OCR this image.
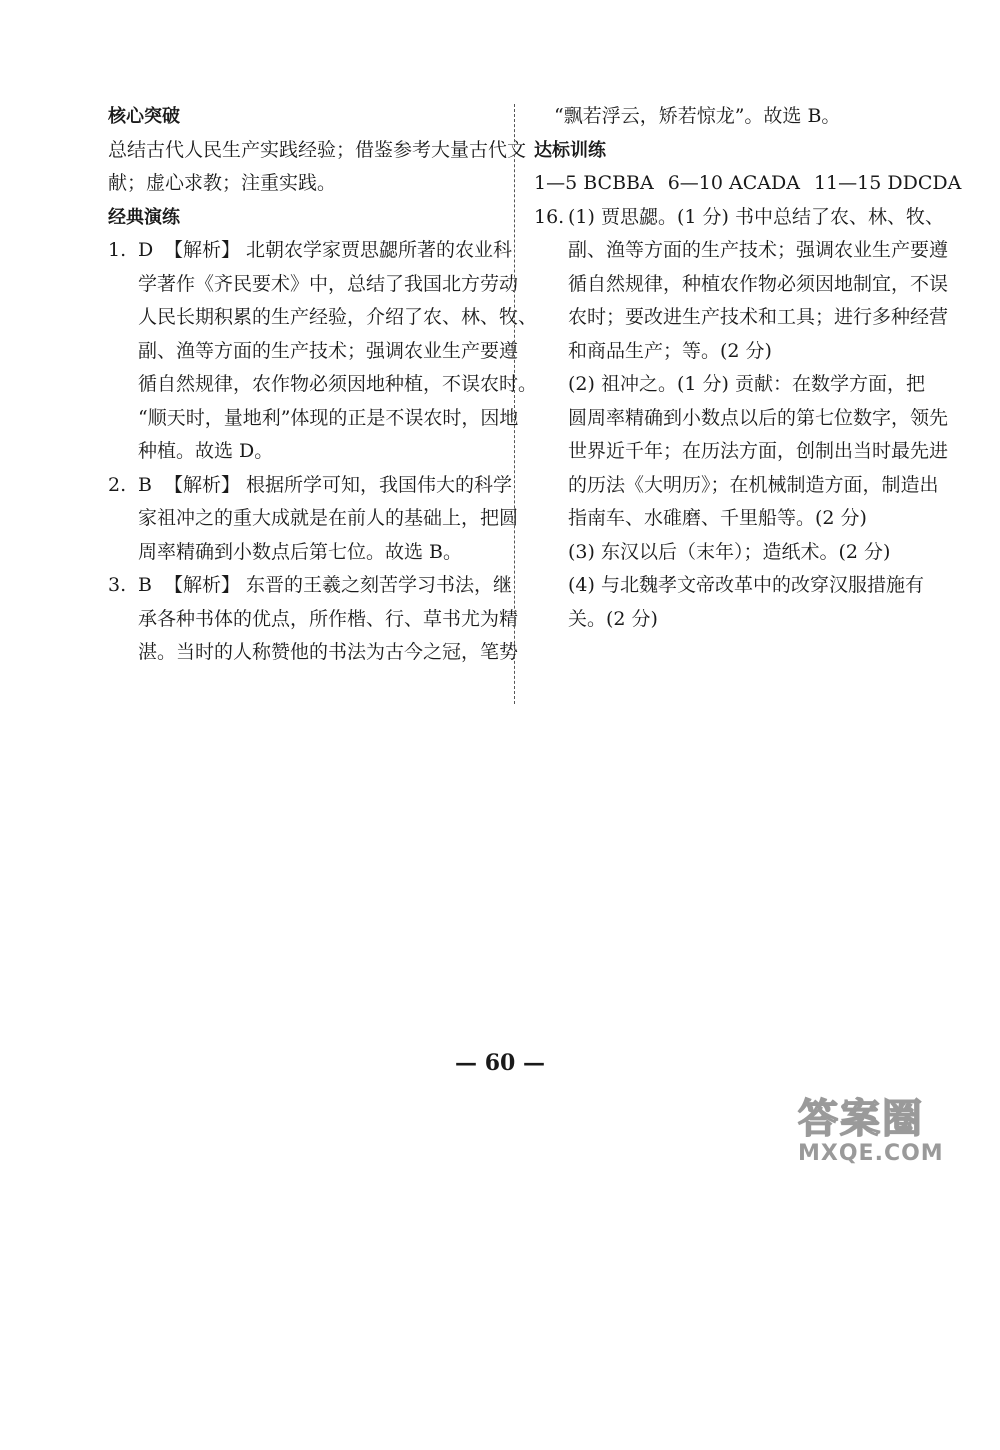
核心突破
总结古代人民生产实践经验；借鉴参考大量古代文
献；虚心求教；注重实践。
经典演练
1. D 【解析】 北朝农学家贾思勰所著的农业科
学著作《齐民要术》中，总结了我国北方劳动
人民长期积累的生产经验，介绍了农、林、牧、
副、渔等方面的生产技术；强调农业生产要遵
循自然规律，农作物必须因地种植，不误农时。
“顺天时，量地利”体现的正是不误农时，因地
种植。故选 D。
2. B 【解析】 根据所学可知，我国伟大的科学
家祖冲之的重大成就是在前人的基础上，把圆
周率精确到小数点后第七位。故选 B。
3. B 【解析】 东晋的王羲之刻苦学习书法，继
承各种书体的优点，所作楷、行、草书尤为精
湛。当时的人称赞他的书法为古今之冠，笔势
“飘若浮云，矫若惊龙”。故选 B。
达标训练
1—5 BCBBA 6—10 ACADA 11—15 DDCDA
16. (1) 贾思勰。(1 分) 书中总结了农、林、牧、
副、渔等方面的生产技术；强调农业生产要遵
循自然规律，种植农作物必须因地制宜，不误
农时；要改进生产技术和工具；进行多种经营
和商品生产；等。(2 分)
(2) 祖冲之。(1 分) 贡献：在数学方面，把
圆周率精确到小数点以后的第七位数字，领先
世界近千年；在历法方面，创制出当时最先进
的历法《大明历》；在机械制造方面，制造出
指南车、水碓磨、千里船等。(2 分)
(3) 东汉以后（末年）；造纸术。(2 分)
(4) 与北魏孝文帝改革中的改穿汉服措施有
关。(2 分)
— 60 —
答案圈
MXQE.COM
